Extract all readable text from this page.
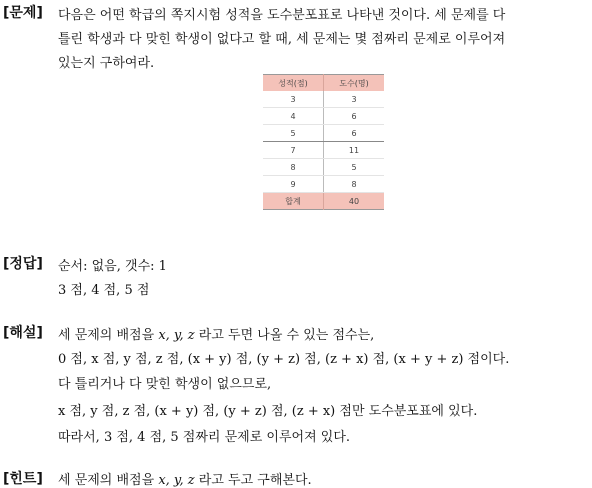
[문제] 다음은 어떤 학급의 쪽지시험 성적을 도수분포표로 나타낸 것이다. 세 문제를 다
틀린 학생과 다 맞힌 학생이 없다고 할 때, 세 문제는 몇 점짜리 문제로 이루어져
있는지 구하여라.
성적(점)	도수(명)
3	3
4	6
5	6
7	11
8	5
9	8
합계	40
[정답] 순서: 없음, 갯수: 1
3 점, 4 점, 5 점
[해설] 세 문제의 배점을 x, y, z 라고 두면 나올 수 있는 점수는,
0 점, x 점, y 점, z 점, (x + y) 점, (y + z) 점, (z + x) 점, (x + y + z) 점이다.
다 틀리거나 다 맞힌 학생이 없으므로,
x 점, y 점, z 점, (x + y) 점, (y + z) 점, (z + x) 점만 도수분포표에 있다.
따라서, 3 점, 4 점, 5 점짜리 문제로 이루어져 있다.
[힌트] 세 문제의 배점을 x, y, z 라고 두고 구해본다.
